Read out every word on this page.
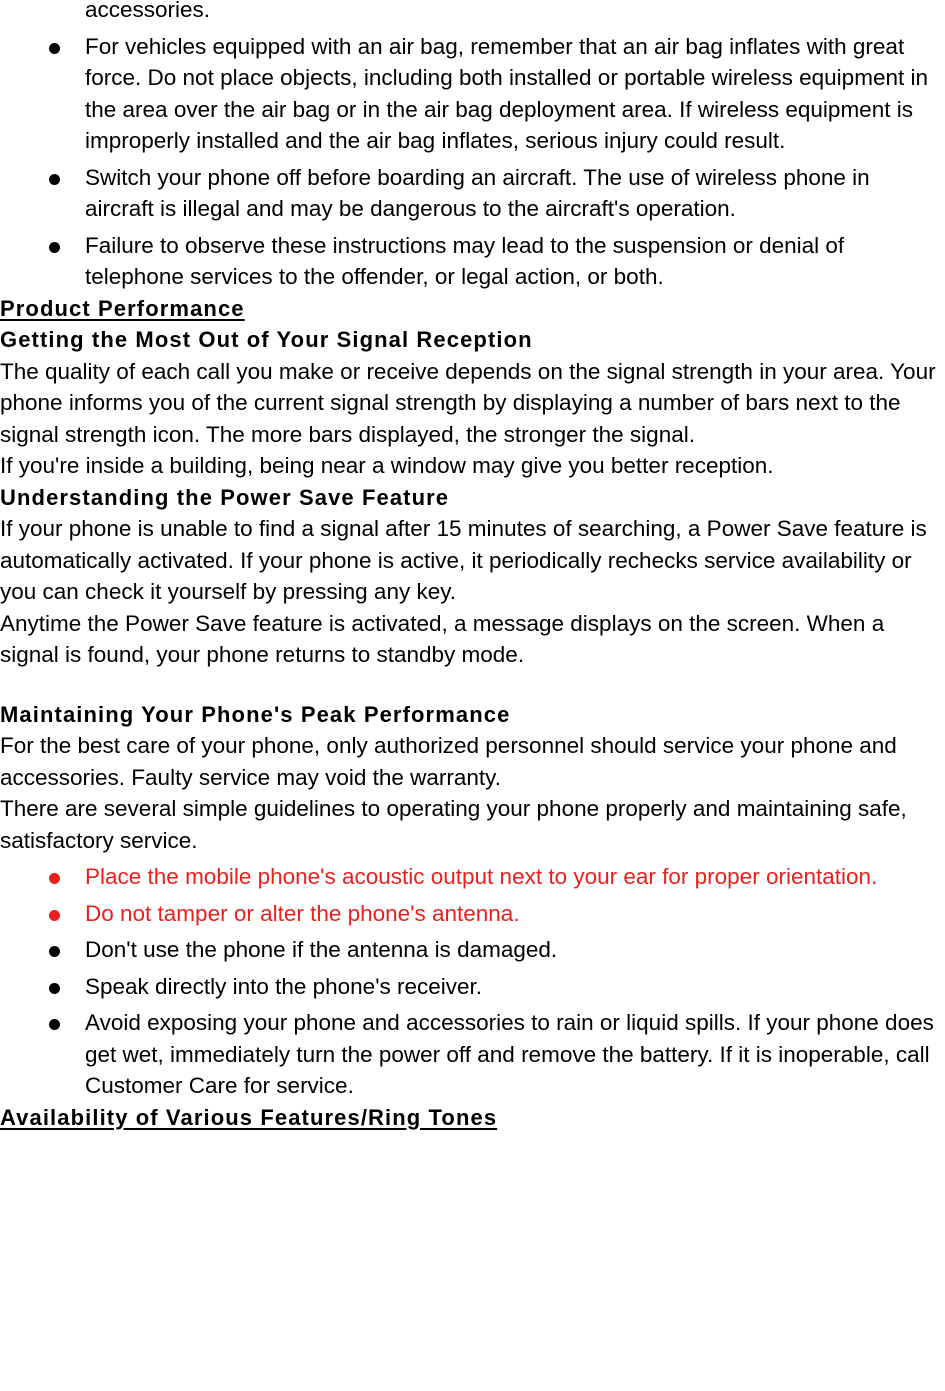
accessories.

For vehicles equipped with an air bag, remember that an air bag inflates with great force. Do not place objects, including both installed or portable wireless equipment in the area over the air bag or in the air bag deployment area. If wireless equipment is improperly installed and the air bag inflates, serious injury could result.
Switch your phone off before boarding an aircraft. The use of wireless phone in aircraft is illegal and may be dangerous to the aircraft's operation.
Failure to observe these instructions may lead to the suspension or denial of telephone services to the offender, or legal action, or both.

Product Performance

Getting the Most Out of Your Signal Reception

The quality of each call you make or receive depends on the signal strength in your area. Your phone informs you of the current signal strength by displaying a number of bars next to the signal strength icon. The more bars displayed, the stronger the signal.

If you're inside a building, being near a window may give you better reception.

Understanding the Power Save Feature

If your phone is unable to find a signal after 15 minutes of searching, a Power Save feature is automatically activated. If your phone is active, it periodically rechecks service availability or you can check it yourself by pressing any key.

Anytime the Power Save feature is activated, a message displays on the screen. When a signal is found, your phone returns to standby mode.

Maintaining Your Phone's Peak Performance

For the best care of your phone, only authorized personnel should service your phone and accessories. Faulty service may void the warranty.

There are several simple guidelines to operating your phone properly and maintaining safe, satisfactory service.

Place the mobile phone's acoustic output next to your ear for proper orientation.
Do not tamper or alter the phone's antenna.
Don't use the phone if the antenna is damaged.
Speak directly into the phone's receiver.
Avoid exposing your phone and accessories to rain or liquid spills. If your phone does get wet, immediately turn the power off and remove the battery. If it is inoperable, call Customer Care for service.

Availability of Various Features/Ring Tones
